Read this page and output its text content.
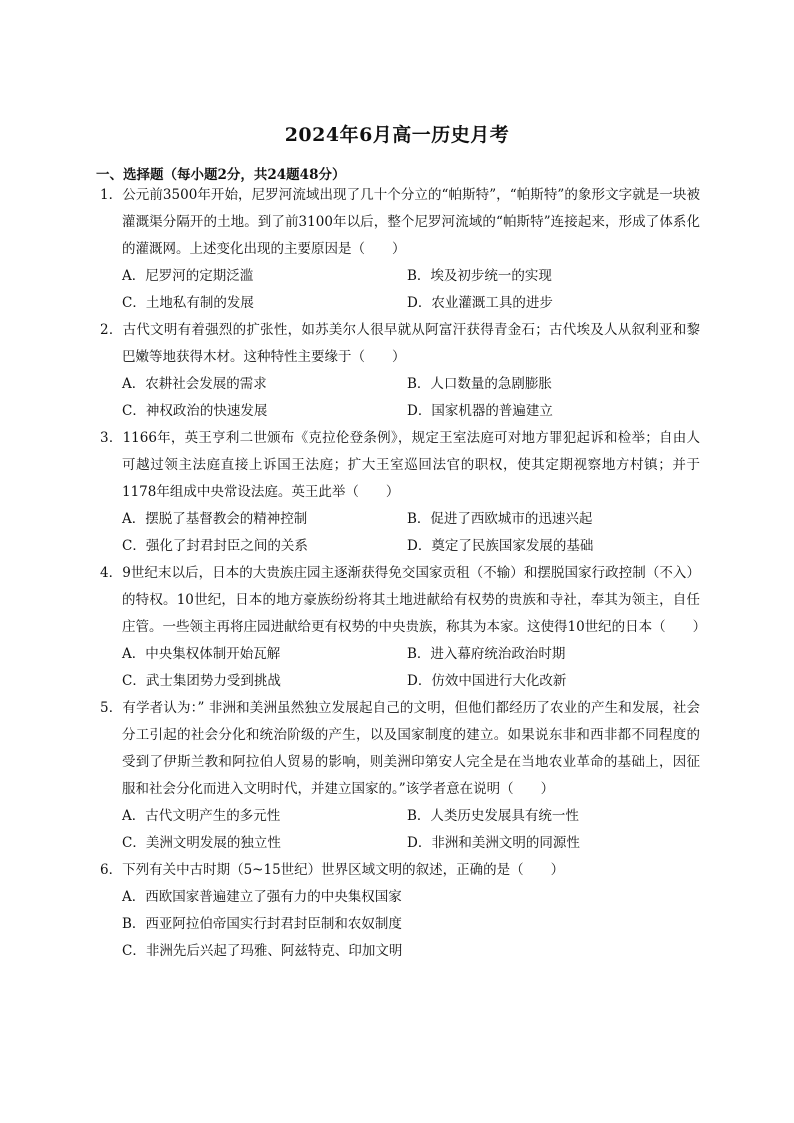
2024年6月高一历史月考
一、选择题（每小题2分，共24题48分）

1．公元前3500年开始，尼罗河流域出现了几十个分立的“帕斯特”，“帕斯特”的象形文字就是一块被灌溉渠分隔开的土地。到了前3100年以后，整个尼罗河流域的“帕斯特”连接起来，形成了体系化的灌溉网。上述变化出现的主要原因是（　　）

A．尼罗河的定期泛滥	B．埃及初步统一的实现
C．土地私有制的发展	D．农业灌溉工具的进步

2．古代文明有着强烈的扩张性，如苏美尔人很早就从阿富汗获得青金石；古代埃及人从叙利亚和黎巴嫩等地获得木材。这种特性主要缘于（　　）

A．农耕社会发展的需求	B．人口数量的急剧膨胀
C．神权政治的快速发展	D．国家机器的普遍建立

3．1166年，英王亨利二世颁布《克拉伦登条例》，规定王室法庭可对地方罪犯起诉和检举；自由人可越过领主法庭直接上诉国王法庭；扩大王室巡回法官的职权，使其定期视察地方村镇；并于1178年组成中央常设法庭。英王此举（　　）

A．摆脱了基督教会的精神控制	B．促进了西欧城市的迅速兴起
C．强化了封君封臣之间的关系	D．奠定了民族国家发展的基础

4．9世纪末以后，日本的大贵族庄园主逐渐获得免交国家贡租（不输）和摆脱国家行政控制（不入）的特权。10世纪，日本的地方豪族纷纷将其土地进献给有权势的贵族和寺社，奉其为领主，自任庄管。一些领主再将庄园进献给更有权势的中央贵族，称其为本家。这使得10世纪的日本（　　）

A．中央集权体制开始瓦解	B．进入幕府统治政治时期
C．武士集团势力受到挑战	D．仿效中国进行大化改新

5．有学者认为：” 非洲和美洲虽然独立发展起自己的文明，但他们都经历了农业的产生和发展，社会分工引起的社会分化和统治阶级的产生，以及国家制度的建立。如果说东非和西非都不同程度的受到了伊斯兰教和阿拉伯人贸易的影响，则美洲印第安人完全是在当地农业革命的基础上，因征服和社会分化而进入文明时代，并建立国家的。”该学者意在说明（　　）

A．古代文明产生的多元性	B．人类历史发展具有统一性
C．美洲文明发展的独立性	D．非洲和美洲文明的同源性

6．下列有关中古时期（5~15世纪）世界区域文明的叙述，正确的是（　　）

A．西欧国家普遍建立了强有力的中央集权国家
B．西亚阿拉伯帝国实行封君封臣制和农奴制度
C．非洲先后兴起了玛雅、阿兹特克、印加文明
